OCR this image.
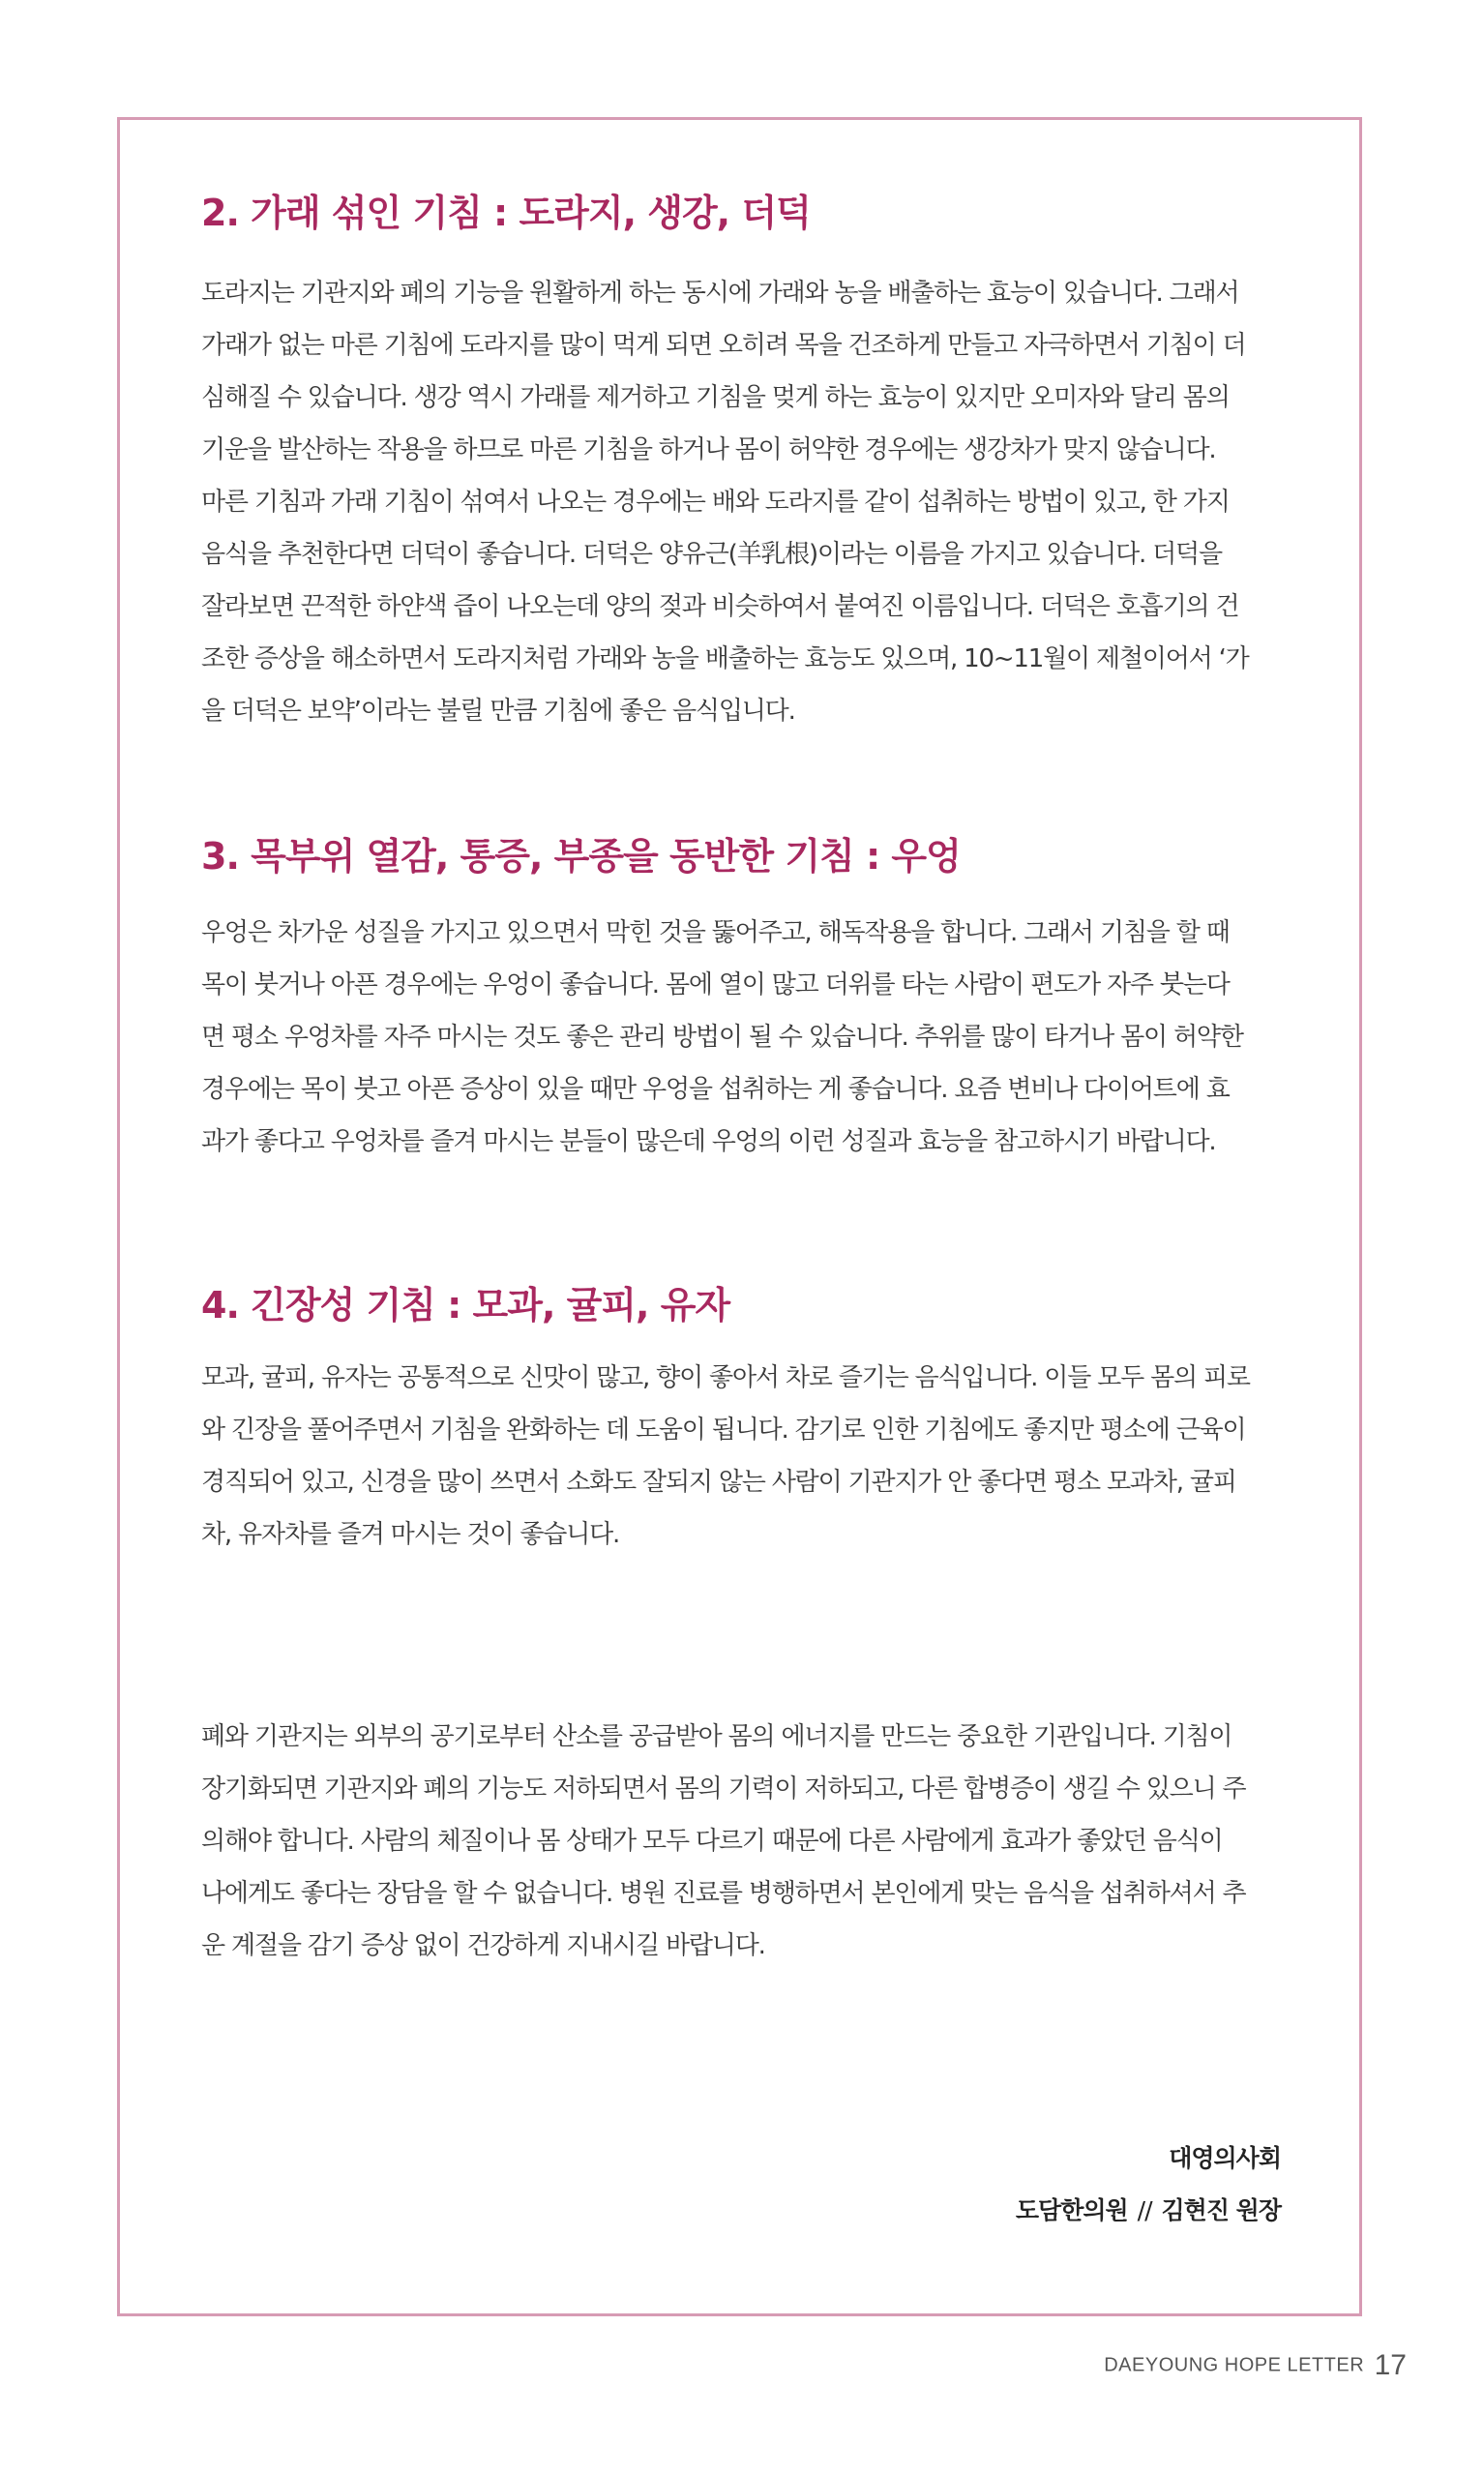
2. 가래 섞인 기침 : 도라지, 생강, 더덕
도라지는 기관지와 폐의 기능을 원활하게 하는 동시에 가래와 농을 배출하는 효능이 있습니다. 그래서
가래가 없는 마른 기침에 도라지를 많이 먹게 되면 오히려 목을 건조하게 만들고 자극하면서 기침이 더
심해질 수 있습니다. 생강 역시 가래를 제거하고 기침을 멎게 하는 효능이 있지만 오미자와 달리 몸의
기운을 발산하는 작용을 하므로 마른 기침을 하거나 몸이 허약한 경우에는 생강차가 맞지 않습니다.
마른 기침과 가래 기침이 섞여서 나오는 경우에는 배와 도라지를 같이 섭취하는 방법이 있고, 한 가지
음식을 추천한다면 더덕이 좋습니다. 더덕은 양유근(羊乳根)이라는 이름을 가지고 있습니다. 더덕을
잘라보면 끈적한 하얀색 즙이 나오는데 양의 젖과 비슷하여서 붙여진 이름입니다. 더덕은 호흡기의 건
조한 증상을 해소하면서 도라지처럼 가래와 농을 배출하는 효능도 있으며, 10~11월이 제철이어서 ‘가
을 더덕은 보약’이라는 불릴 만큼 기침에 좋은 음식입니다.
3. 목부위 열감, 통증, 부종을 동반한 기침 : 우엉
우엉은 차가운 성질을 가지고 있으면서 막힌 것을 뚫어주고, 해독작용을 합니다. 그래서 기침을 할 때
목이 붓거나 아픈 경우에는 우엉이 좋습니다. 몸에 열이 많고 더위를 타는 사람이 편도가 자주 붓는다
면 평소 우엉차를 자주 마시는 것도 좋은 관리 방법이 될 수 있습니다. 추위를 많이 타거나 몸이 허약한
경우에는 목이 붓고 아픈 증상이 있을 때만 우엉을 섭취하는 게 좋습니다. 요즘 변비나 다이어트에 효
과가 좋다고 우엉차를 즐겨 마시는 분들이 많은데 우엉의 이런 성질과 효능을 참고하시기 바랍니다.
4. 긴장성 기침 : 모과, 귤피, 유자
모과, 귤피, 유자는 공통적으로 신맛이 많고, 향이 좋아서 차로 즐기는 음식입니다. 이들 모두 몸의 피로
와 긴장을 풀어주면서 기침을 완화하는 데 도움이 됩니다. 감기로 인한 기침에도 좋지만 평소에 근육이
경직되어 있고, 신경을 많이 쓰면서 소화도 잘되지 않는 사람이 기관지가 안 좋다면 평소 모과차, 귤피
차, 유자차를 즐겨 마시는 것이 좋습니다.
폐와 기관지는 외부의 공기로부터 산소를 공급받아 몸의 에너지를 만드는 중요한 기관입니다. 기침이
장기화되면 기관지와 폐의 기능도 저하되면서 몸의 기력이 저하되고, 다른 합병증이 생길 수 있으니 주
의해야 합니다. 사람의 체질이나 몸 상태가 모두 다르기 때문에 다른 사람에게 효과가 좋았던 음식이
나에게도 좋다는 장담을 할 수 없습니다. 병원 진료를 병행하면서 본인에게 맞는 음식을 섭취하셔서 추
운 계절을 감기 증상 없이 건강하게 지내시길 바랍니다.
대영의사회
도담한의원 // 김현진 원장
DAEYOUNG HOPE LETTER 17
